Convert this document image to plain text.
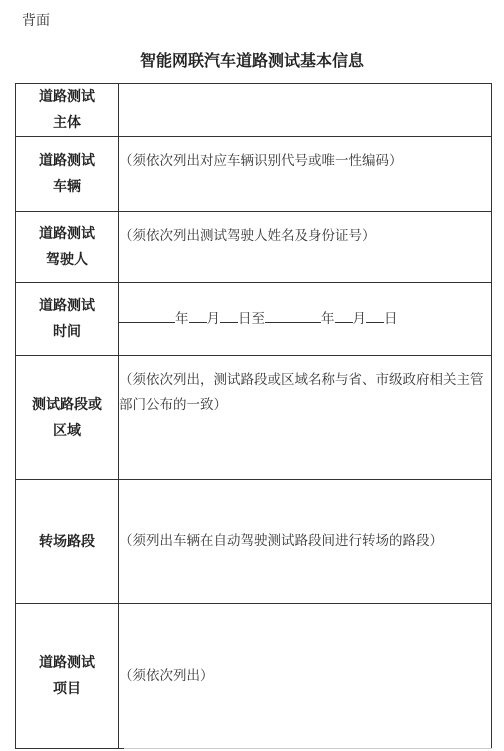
背面
智能网联汽车道路测试基本信息
道路测试
主体	

道路测试
车辆	（须依次列出对应车辆识别代号或唯一性编码）

道路测试
驾驶人	（须依次列出测试驾驶人姓名及身份证号）

道路测试
时间	年 月 日至 年 月 日

测试路段或
区域	（须依次列出，测试路段或区域名称与省、市级政府相关主管部门公布的一致）

转场路段	（须列出车辆在自动驾驶测试路段间进行转场的路段）

道路测试
项目	（须依次列出）
